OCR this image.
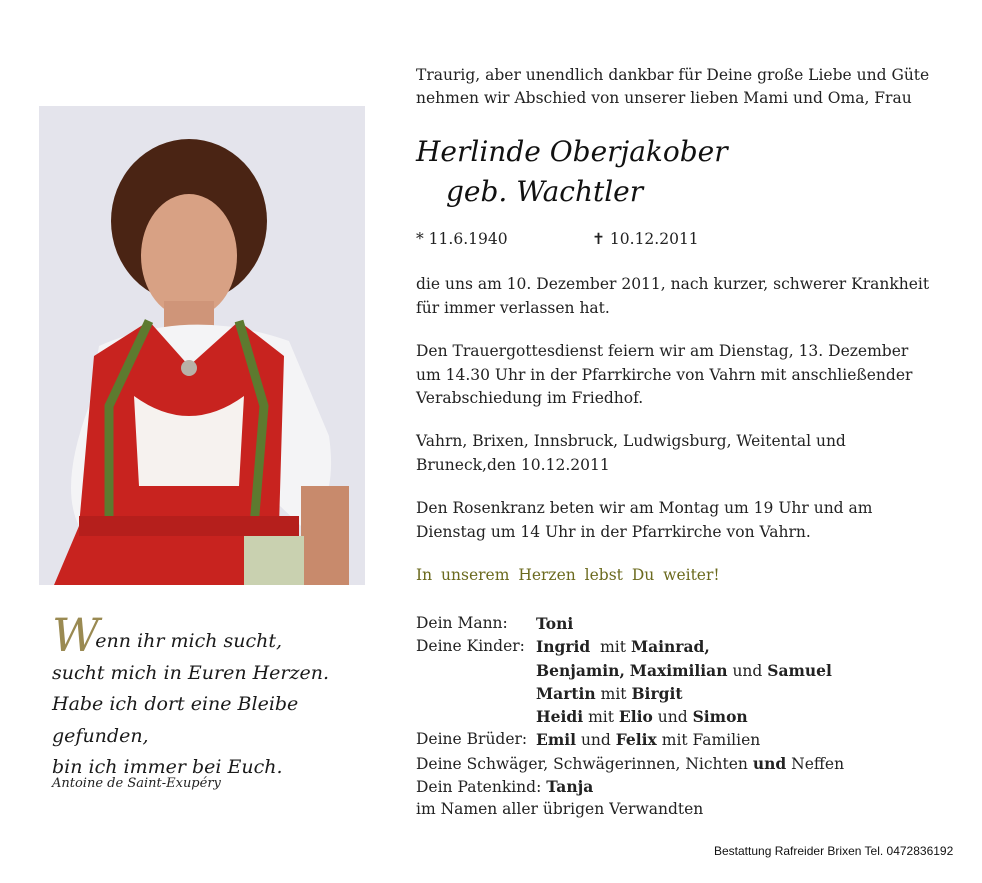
Wenn ihr mich sucht,
sucht mich in Euren Herzen.
Habe ich dort eine Bleibe gefunden,
bin ich immer bei Euch.
Antoine de Saint-Exupéry

Traurig, aber unendlich dankbar für Deine große Liebe und Güte

nehmen wir Abschied von unserer lieben Mami und Oma, Frau

Herlinde Oberjakober
geb. Wachtler
* 11.6.1940	✝ 10.12.2011
die uns am 10. Dezember 2011, nach kurzer, schwerer Krankheit
für immer verlassen hat.
Den Trauergottesdienst feiern wir am Dienstag, 13. Dezember
um 14.30 Uhr in der Pfarrkirche von Vahrn mit anschließender
Verabschiedung im Friedhof.
Vahrn, Brixen, Innsbruck, Ludwigsburg, Weitental und
Bruneck,den 10.12.2011
Den Rosenkranz beten wir am Montag um 19 Uhr und am
Dienstag um 14 Uhr in der Pfarrkirche von Vahrn.
In unserem Herzen lebst Du weiter!
Dein Mann: Toni
Deine Kinder: Ingrid mit Mainrad,
Benjamin, Maximilian und Samuel
Martin mit Birgit
Heidi mit Elio und Simon
Deine Brüder: Emil und Felix mit Familien
Deine Schwäger, Schwägerinnen, Nichten und Neffen
Dein Patenkind: Tanja
im Namen aller übrigen Verwandten
Bestattung Rafreider Brixen Tel. 0472836192
